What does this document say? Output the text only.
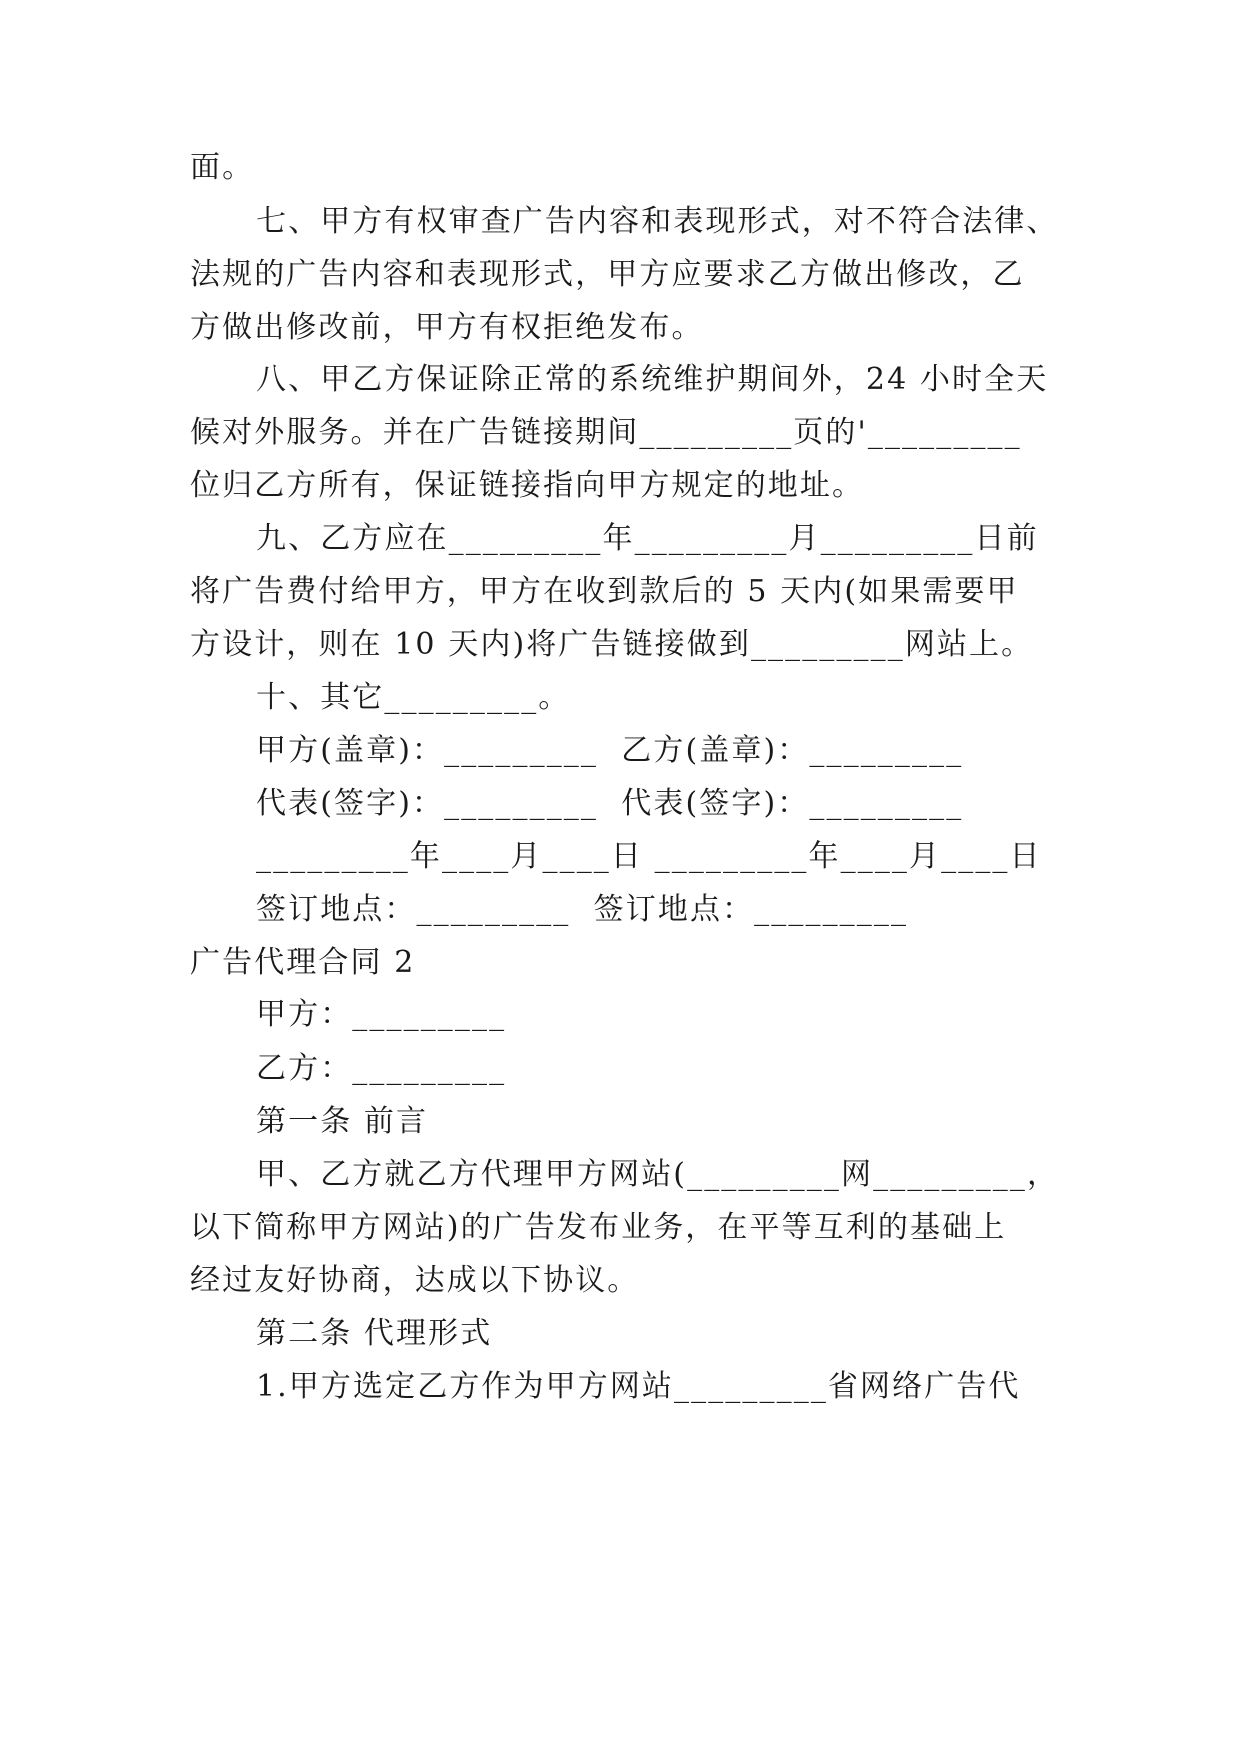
面。
七、甲方有权审查广告内容和表现形式，对不符合法律、
法规的广告内容和表现形式，甲方应要求乙方做出修改，乙
方做出修改前，甲方有权拒绝发布。
八、甲乙方保证除正常的系统维护期间外，24 小时全天
候对外服务。并在广告链接期间_________页的'_________
位归乙方所有，保证链接指向甲方规定的地址。
九、乙方应在_________年_________月_________日前
将广告费付给甲方，甲方在收到款后的 5 天内(如果需要甲
方设计，则在 10 天内)将广告链接做到_________网站上。
十、其它_________。
甲方(盖章)：_________  乙方(盖章)：_________
代表(签字)：_________  代表(签字)：_________
_________年____月____日 _________年____月____日
签订地点：_________  签订地点：_________
广告代理合同 2
甲方：_________
乙方：_________
第一条 前言
甲、乙方就乙方代理甲方网站(_________网_________，
以下简称甲方网站)的广告发布业务，在平等互利的基础上
经过友好协商，达成以下协议。
第二条 代理形式
1.甲方选定乙方作为甲方网站_________省网络广告代
